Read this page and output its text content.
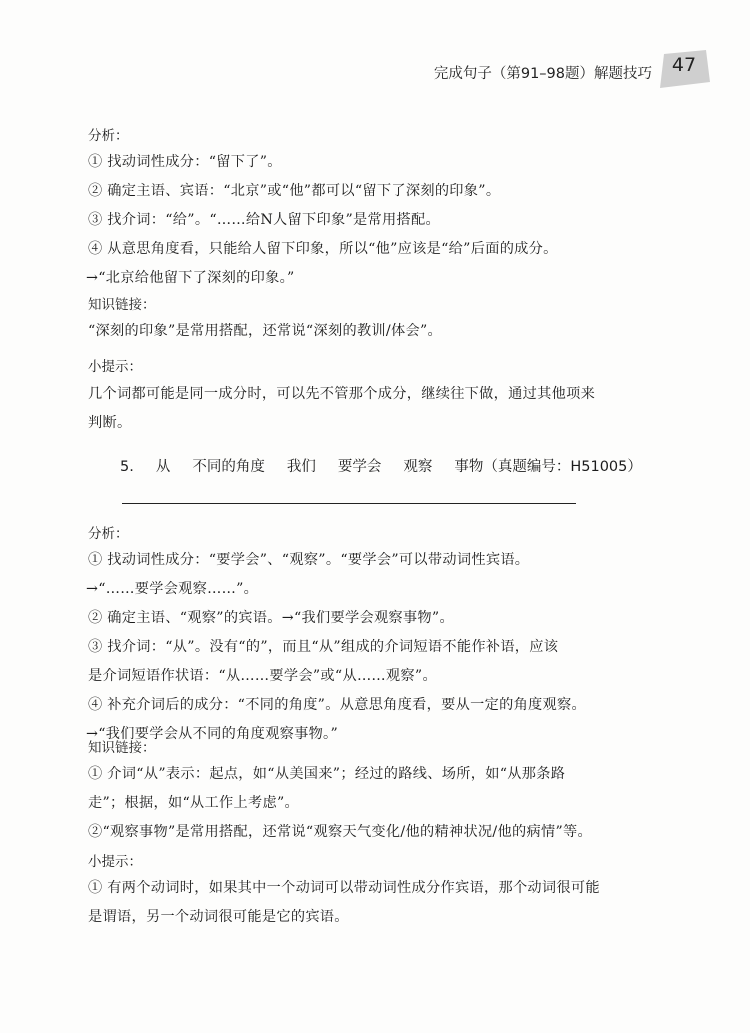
完成句子（第91–98题）解题技巧	47
分析：
① 找动词性成分：“留下了”。
② 确定主语、宾语：“北京”或“他”都可以“留下了深刻的印象”。
③ 找介词：“给”。“……给N人留下印象”是常用搭配。
④ 从意思角度看，只能给人留下印象，所以“他”应该是“给”后面的成分。
→“北京给他留下了深刻的印象。”
知识链接：
“深刻的印象”是常用搭配，还常说“深刻的教训/体会”。
小提示：
几个词都可能是同一成分时，可以先不管那个成分，继续往下做，通过其他项来
判断。
5. 从 不同的角度 我们 要学会 观察 事物（真题编号：H51005）
分析：
① 找动词性成分：“要学会”、“观察”。“要学会”可以带动词性宾语。
→“……要学会观察……”。
② 确定主语、“观察”的宾语。→“我们要学会观察事物”。
③ 找介词：“从”。没有“的”，而且“从”组成的介词短语不能作补语，应该
是介词短语作状语：“从……要学会”或“从……观察”。
④ 补充介词后的成分：“不同的角度”。从意思角度看，要从一定的角度观察。
→“我们要学会从不同的角度观察事物。”
知识链接：
① 介词“从”表示：起点，如“从美国来”；经过的路线、场所，如“从那条路
走”；根据，如“从工作上考虑”。
②“观察事物”是常用搭配，还常说“观察天气变化/他的精神状况/他的病情”等。
小提示：
① 有两个动词时，如果其中一个动词可以带动词性成分作宾语，那个动词很可能
是谓语，另一个动词很可能是它的宾语。
